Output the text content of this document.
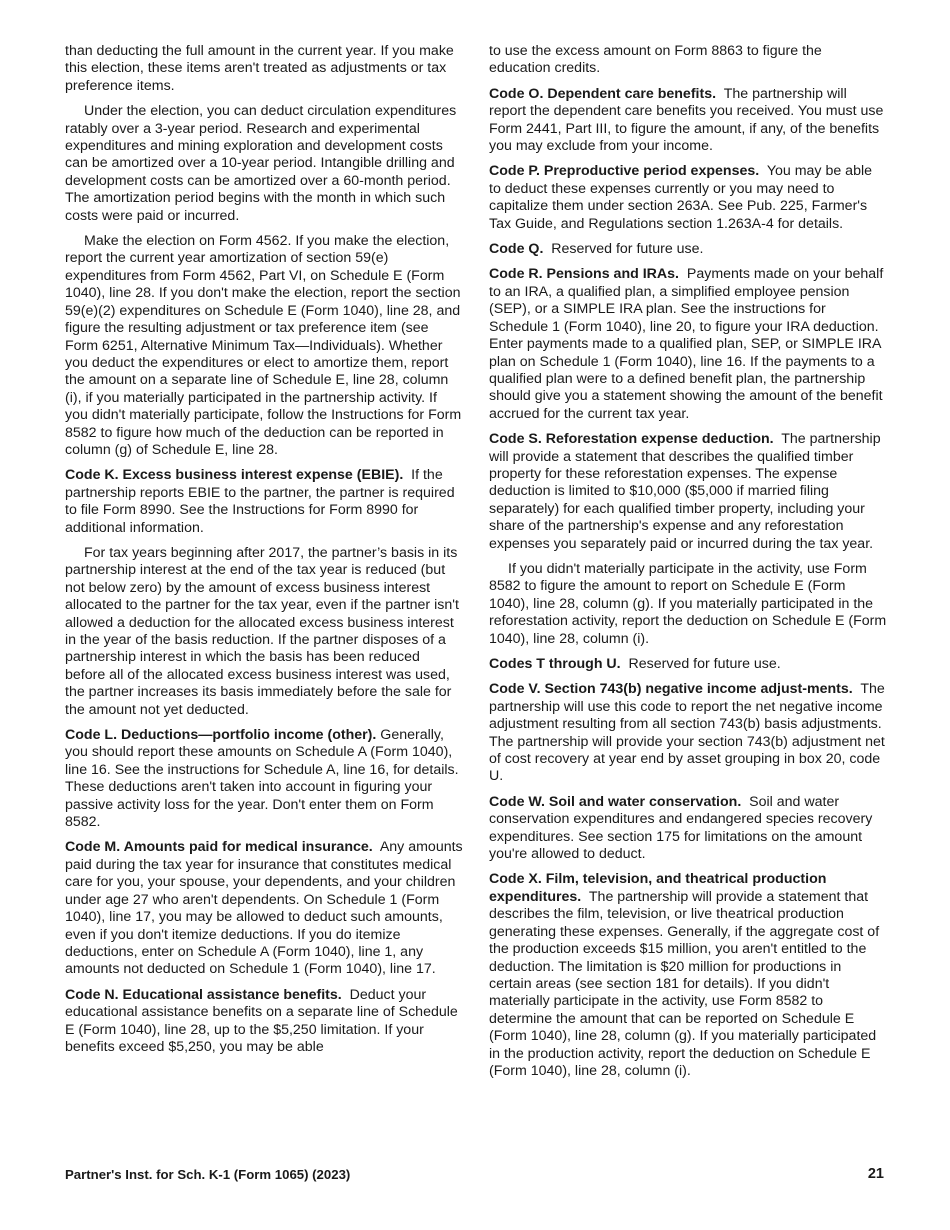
than deducting the full amount in the current year. If you make this election, these items aren't treated as adjustments or tax preference items.

Under the election, you can deduct circulation expenditures ratably over a 3-year period. Research and experimental expenditures and mining exploration and development costs can be amortized over a 10-year period. Intangible drilling and development costs can be amortized over a 60-month period. The amortization period begins with the month in which such costs were paid or incurred.

Make the election on Form 4562. If you make the election, report the current year amortization of section 59(e) expenditures from Form 4562, Part VI, on Schedule E (Form 1040), line 28. If you don't make the election, report the section 59(e)(2) expenditures on Schedule E (Form 1040), line 28, and figure the resulting adjustment or tax preference item (see Form 6251, Alternative Minimum Tax—Individuals). Whether you deduct the expenditures or elect to amortize them, report the amount on a separate line of Schedule E, line 28, column (i), if you materially participated in the partnership activity. If you didn't materially participate, follow the Instructions for Form 8582 to figure how much of the deduction can be reported in column (g) of Schedule E, line 28.

Code K. Excess business interest expense (EBIE). If the partnership reports EBIE to the partner, the partner is required to file Form 8990. See the Instructions for Form 8990 for additional information.

For tax years beginning after 2017, the partner’s basis in its partnership interest at the end of the tax year is reduced (but not below zero) by the amount of excess business interest allocated to the partner for the tax year, even if the partner isn't allowed a deduction for the allocated excess business interest in the year of the basis reduction. If the partner disposes of a partnership interest in which the basis has been reduced before all of the allocated excess business interest was used, the partner increases its basis immediately before the sale for the amount not yet deducted.

Code L. Deductions—portfolio income (other). Generally, you should report these amounts on Schedule A (Form 1040), line 16. See the instructions for Schedule A, line 16, for details. These deductions aren't taken into account in figuring your passive activity loss for the year. Don't enter them on Form 8582.

Code M. Amounts paid for medical insurance. Any amounts paid during the tax year for insurance that constitutes medical care for you, your spouse, your dependents, and your children under age 27 who aren't dependents. On Schedule 1 (Form 1040), line 17, you may be allowed to deduct such amounts, even if you don't itemize deductions. If you do itemize deductions, enter on Schedule A (Form 1040), line 1, any amounts not deducted on Schedule 1 (Form 1040), line 17.

Code N. Educational assistance benefits. Deduct your educational assistance benefits on a separate line of Schedule E (Form 1040), line 28, up to the $5,250 limitation. If your benefits exceed $5,250, you may be able

to use the excess amount on Form 8863 to figure the education credits.

Code O. Dependent care benefits. The partnership will report the dependent care benefits you received. You must use Form 2441, Part III, to figure the amount, if any, of the benefits you may exclude from your income.

Code P. Preproductive period expenses. You may be able to deduct these expenses currently or you may need to capitalize them under section 263A. See Pub. 225, Farmer's Tax Guide, and Regulations section 1.263A-4 for details.

Code Q. Reserved for future use.

Code R. Pensions and IRAs. Payments made on your behalf to an IRA, a qualified plan, a simplified employee pension (SEP), or a SIMPLE IRA plan. See the instructions for Schedule 1 (Form 1040), line 20, to figure your IRA deduction. Enter payments made to a qualified plan, SEP, or SIMPLE IRA plan on Schedule 1 (Form 1040), line 16. If the payments to a qualified plan were to a defined benefit plan, the partnership should give you a statement showing the amount of the benefit accrued for the current tax year.

Code S. Reforestation expense deduction. The partnership will provide a statement that describes the qualified timber property for these reforestation expenses. The expense deduction is limited to $10,000 ($5,000 if married filing separately) for each qualified timber property, including your share of the partnership's expense and any reforestation expenses you separately paid or incurred during the tax year.

If you didn't materially participate in the activity, use Form 8582 to figure the amount to report on Schedule E (Form 1040), line 28, column (g). If you materially participated in the reforestation activity, report the deduction on Schedule E (Form 1040), line 28, column (i).

Codes T through U. Reserved for future use.

Code V. Section 743(b) negative income adjust-ments. The partnership will use this code to report the net negative income adjustment resulting from all section 743(b) basis adjustments. The partnership will provide your section 743(b) adjustment net of cost recovery at year end by asset grouping in box 20, code U.

Code W. Soil and water conservation. Soil and water conservation expenditures and endangered species recovery expenditures. See section 175 for limitations on the amount you're allowed to deduct.

Code X. Film, television, and theatrical production expenditures. The partnership will provide a statement that describes the film, television, or live theatrical production generating these expenses. Generally, if the aggregate cost of the production exceeds $15 million, you aren't entitled to the deduction. The limitation is $20 million for productions in certain areas (see section 181 for details). If you didn't materially participate in the activity, use Form 8582 to determine the amount that can be reported on Schedule E (Form 1040), line 28, column (g). If you materially participated in the production activity, report the deduction on Schedule E (Form 1040), line 28, column (i).

Partner's Inst. for Sch. K-1 (Form 1065) (2023)	21
